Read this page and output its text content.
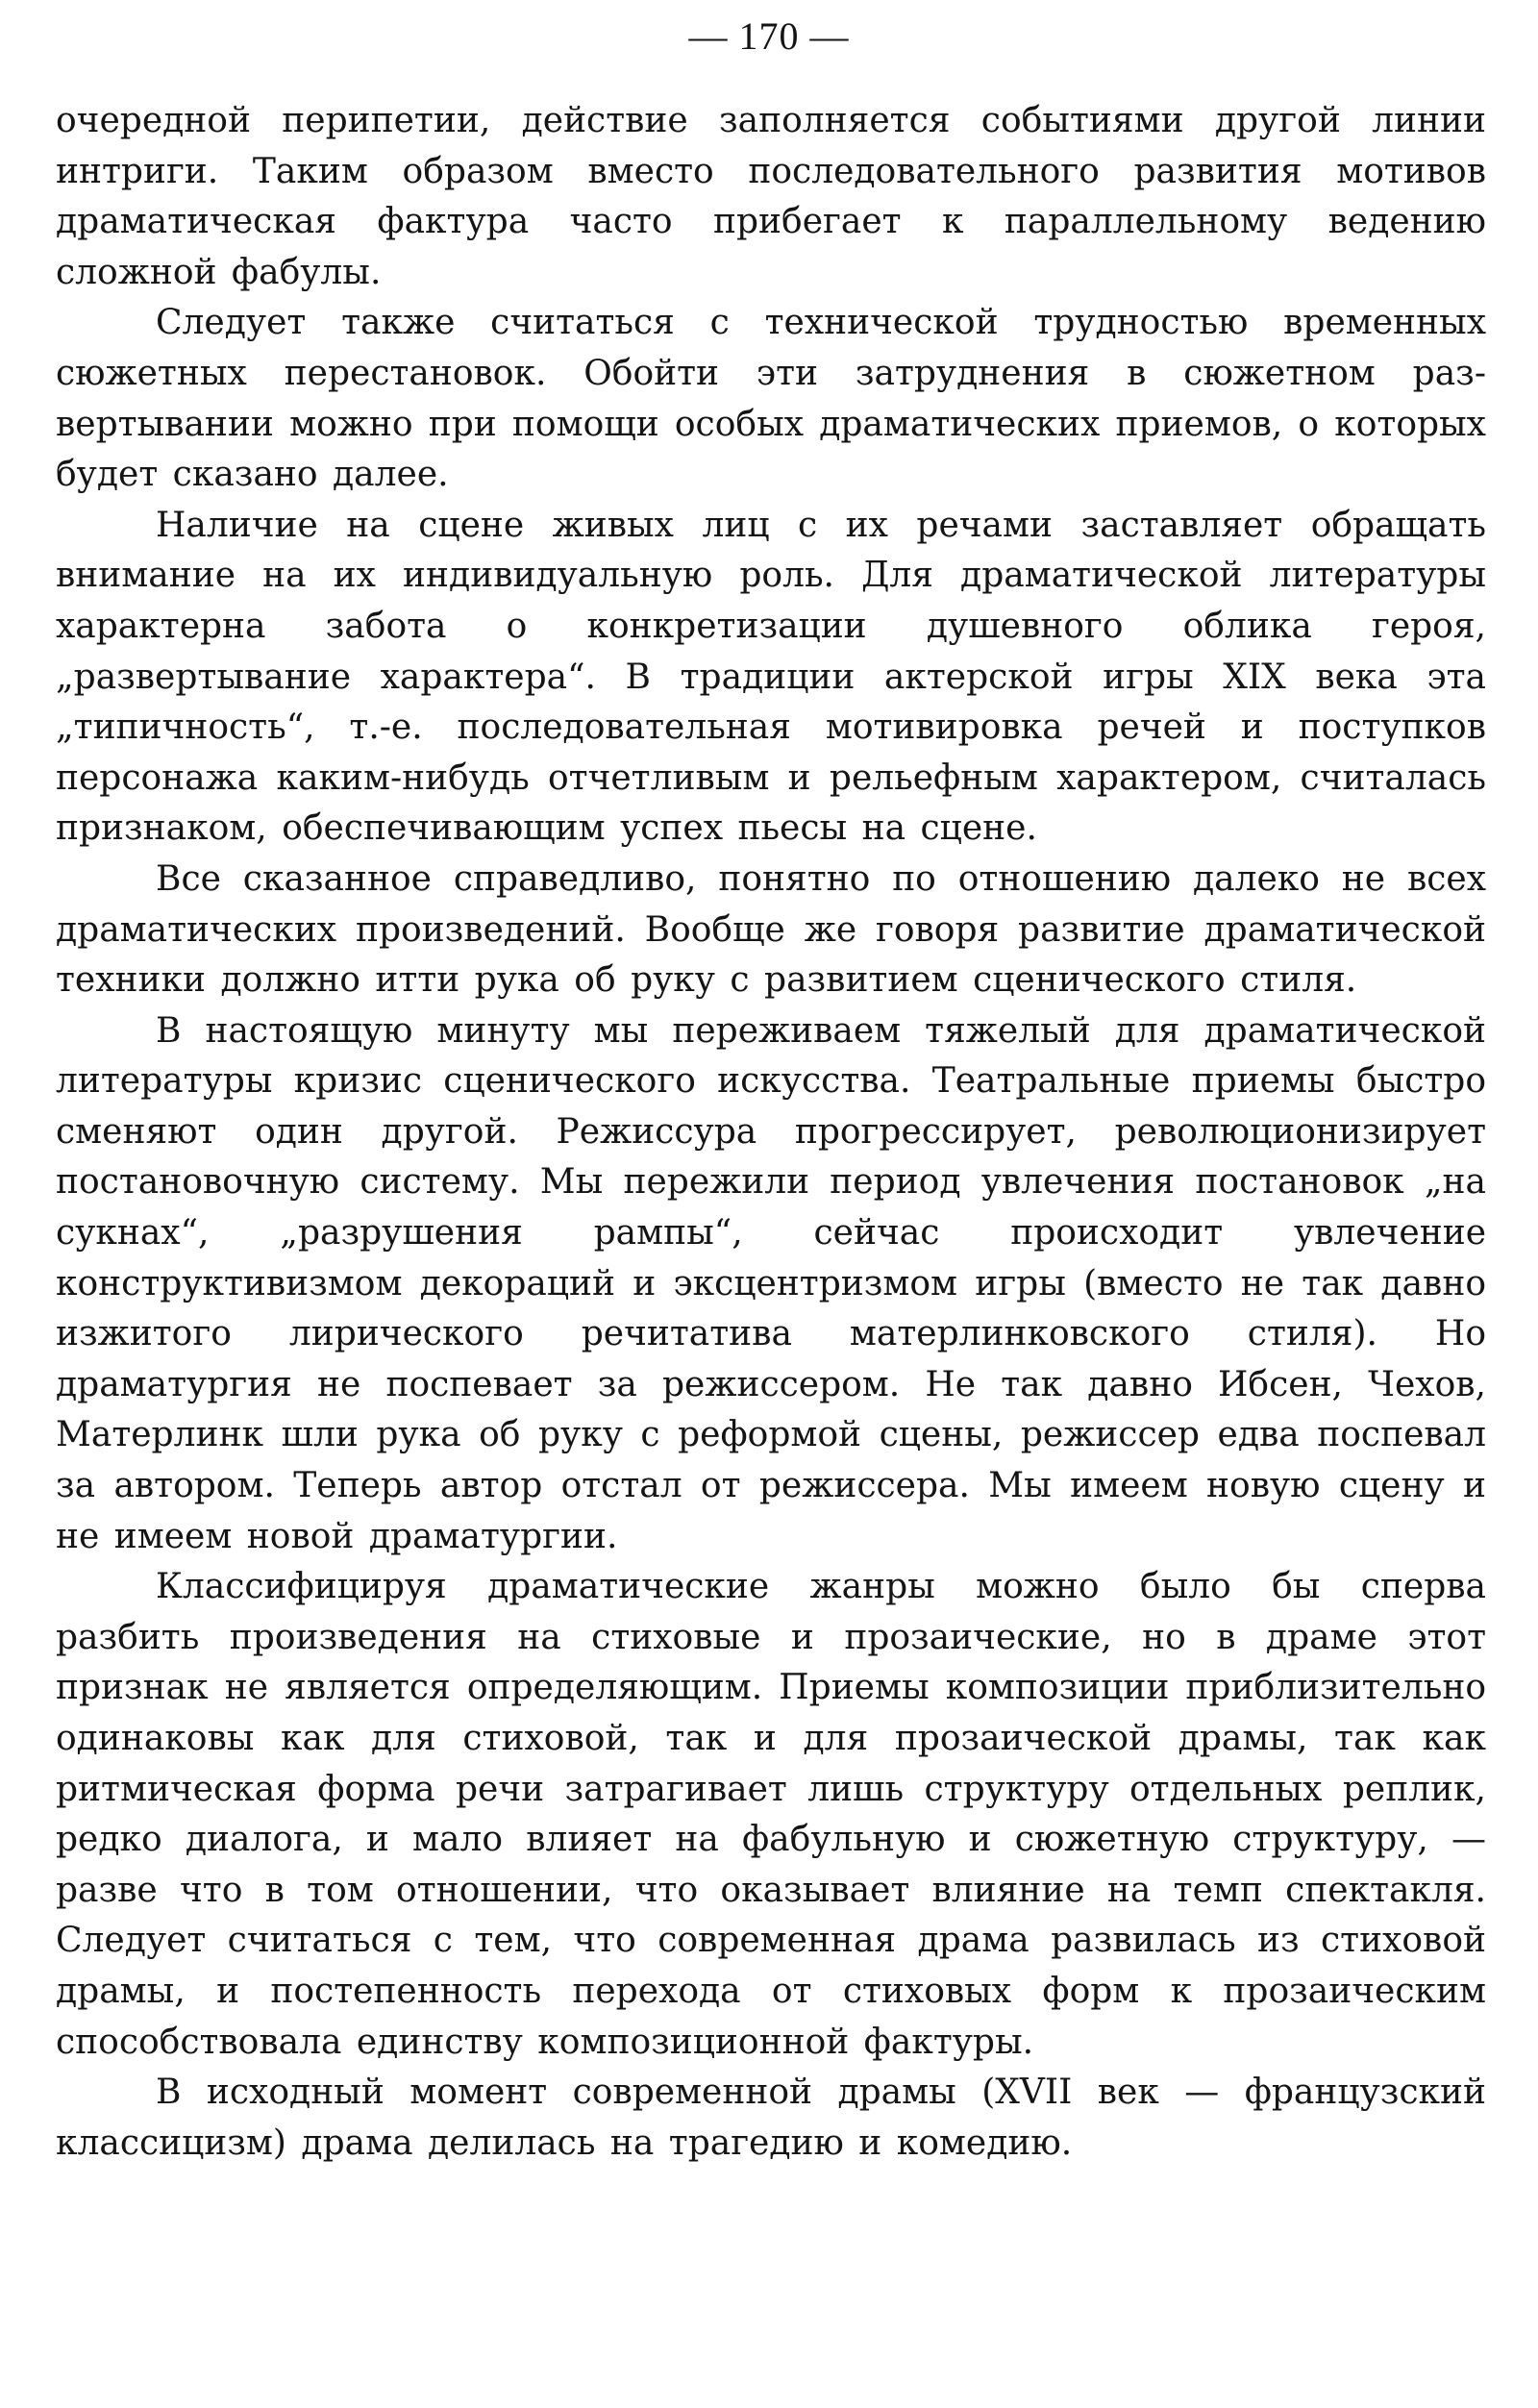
— 170 —

очередной перипетии, действие заполняется событиями другой линии интриги. Таким образом вместо последовательного развития мотивов драматическая фактура часто прибегает к параллельному ведению сложной фабулы.

Следует также считаться с технической трудностью временных сюжетных перестановок. Обойти эти затруднения в сюжетном развертывании можно при помощи особых драматических приемов, о которых будет сказано далее.

Наличие на сцене живых лиц с их речами заставляет обращать внимание на их индивидуальную роль. Для драматической литературы характерна забота о конкретизации душевного облика героя, „развертывание характера“. В традиции актерской игры XIX века эта „типичность“, т.-е. последовательная мотивировка речей и поступков персонажа каким-нибудь отчетливым и рельефным характером, считалась признаком, обеспечивающим успех пьесы на сцене.

Все сказанное справедливо, понятно по отношению далеко не всех драматических произведений. Вообще же говоря развитие драматической техники должно итти рука об руку с развитием сценического стиля.

В настоящую минуту мы переживаем тяжелый для драматической литературы кризис сценического искусства. Театральные приемы быстро сменяют один другой. Режиссура прогрессирует, революционизирует постановочную систему. Мы пережили период увлечения постановок „на сукнах“, „разрушения рампы“, сейчас происходит увлечение конструктивизмом декораций и эксцентризмом игры (вместо не так давно изжитого лирического речитатива матерлинковского стиля). Но драматургия не поспевает за режиссером. Не так давно Ибсен, Чехов, Матерлинк шли рука об руку с реформой сцены, режиссер едва поспевал за автором. Теперь автор отстал от режиссера. Мы имеем новую сцену и не имеем новой драматургии.

Классифицируя драматические жанры можно было бы сперва разбить произведения на стиховые и прозаические, но в драме этот признак не является определяющим. Приемы композиции приблизительно одинаковы как для стиховой, так и для прозаической драмы, так как ритмическая форма речи затрагивает лишь структуру отдельных реплик, редко диалога, и мало влияет на фабульную и сюжетную структуру, — разве что в том отношении, что оказывает влияние на темп спектакля. Следует считаться с тем, что современная драма развилась из стиховой драмы, и постепенность перехода от стиховых форм к прозаическим способствовала единству композиционной фактуры.

В исходный момент современной драмы (XVII век — французский классицизм) драма делилась на трагедию и комедию.
